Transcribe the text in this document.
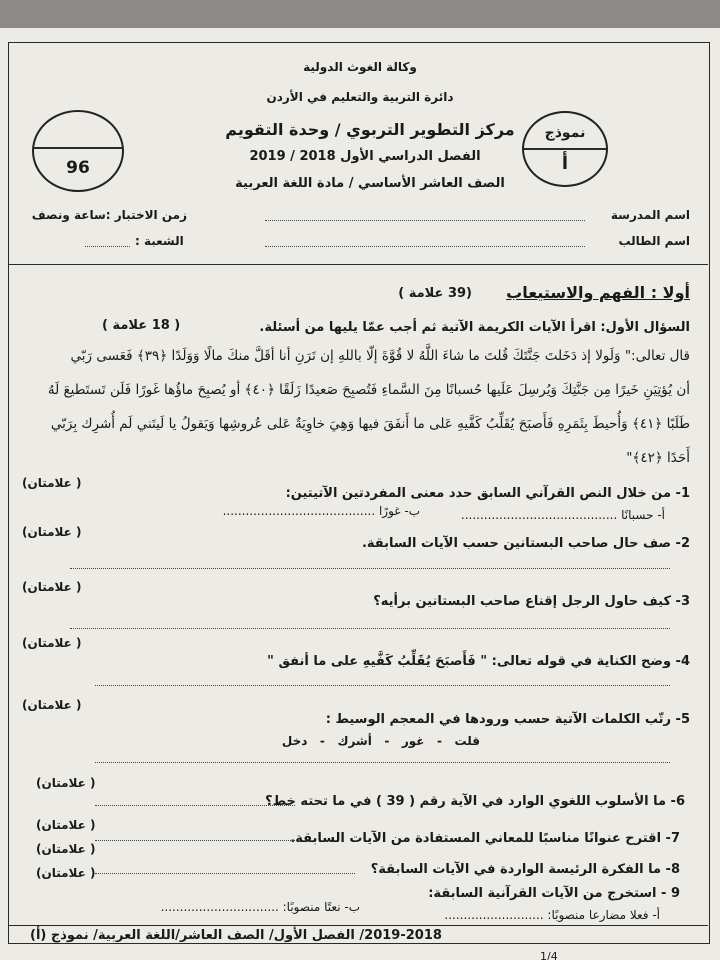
وكالة الغوث الدولية
دائرة التربية والتعليم في الأردن
مركز التطوير التربوي / وحدة التقويم
الفصل الدراسي الأول 2018 / 2019
الصف العاشر الأساسي / مادة اللغة العربية
نموذج
أ
96
اسم المدرسة
اسم الطالب
زمن الاختبار :ساعة ونصف
الشعبة :
أولا : الفهم والاستيعاب
(39 علامة )
السؤال الأول: اقرأ الآيات الكريمة الآتية ثم أجب عمّا يليها من أسئلة.
( 18 علامة )
قال تعالى:" وَلَولا إذ دَخَلتَ جَنَّتَكَ قُلتَ ما شاءَ اللَّهُ لا قُوَّةَ إلّا باللهِ إن تَرَنِ أنا أقَلَّ منكَ مالًا وَوَلَدًا ﴿٣٩﴾ فَعَسى رَبّي
أن يُؤتِيَنِ خَيرًا مِن جَنَّتِكَ وَيُرسِلَ عَلَيها حُسبانًا مِنَ السَّماءِ فَتُصبِحَ صَعيدًا زَلَقًا ﴿٤٠﴾ أو يُصبِحَ ماؤُها غَورًا فَلَن تَستَطيعَ لَهُ
طَلَبًا ﴿٤١﴾ وَأُحيطَ بِثَمَرِهِ فَأَصبَحَ يُقَلِّبُ كَفَّيهِ عَلى ما أَنفَقَ فيها وَهِيَ خاوِيَةٌ عَلى عُروشِها وَيَقولُ يا لَيتَني لَم أُشرِك بِرَبّي
أَحَدًا ﴿٤٢﴾"
1- من خلال النص القرآني السابق حدد معنى المفردتين الآتيتين:
( علامتان)
أ- حسبانًا .........................................
ب- غورًا ........................................
2- صف حال صاحب البستانين حسب الآيات السابقة.
( علامتان)
3- كيف حاول الرجل إقناع صاحب البستانين برأيه؟
( علامتان)
4- وضح الكناية في قوله تعالى: " فَأَصبَحَ يُقَلِّبُ كَفَّيهِ على ما أنفق "
( علامتان)
5- رتّب الكلمات الآتية حسب ورودها في المعجم الوسيط :
( علامتان)
قلت   -   غور   -   أشرك   -   دخل
6- ما الأسلوب اللغوي الوارد في الآية رقم ( 39 ) في ما تحته خط؟
( علامتان)
7- اقترح عنوانًا مناسبًا للمعاني المستفادة من الآيات السابقة.
( علامتان)
8- ما الفكرة الرئيسة الواردة في الآيات السابقة؟
( علامتان)
9 - استخرج من الآيات القرآنية السابقة:
( علامتان)
أ- فعلا مضارعا منصوبًا: ..........................
ب- نعتًا منصوبًا: ...............................
2019-2018/ الفصل الأول/ الصف العاشر/اللغة العربية/ نموذج (أ)
1/4
